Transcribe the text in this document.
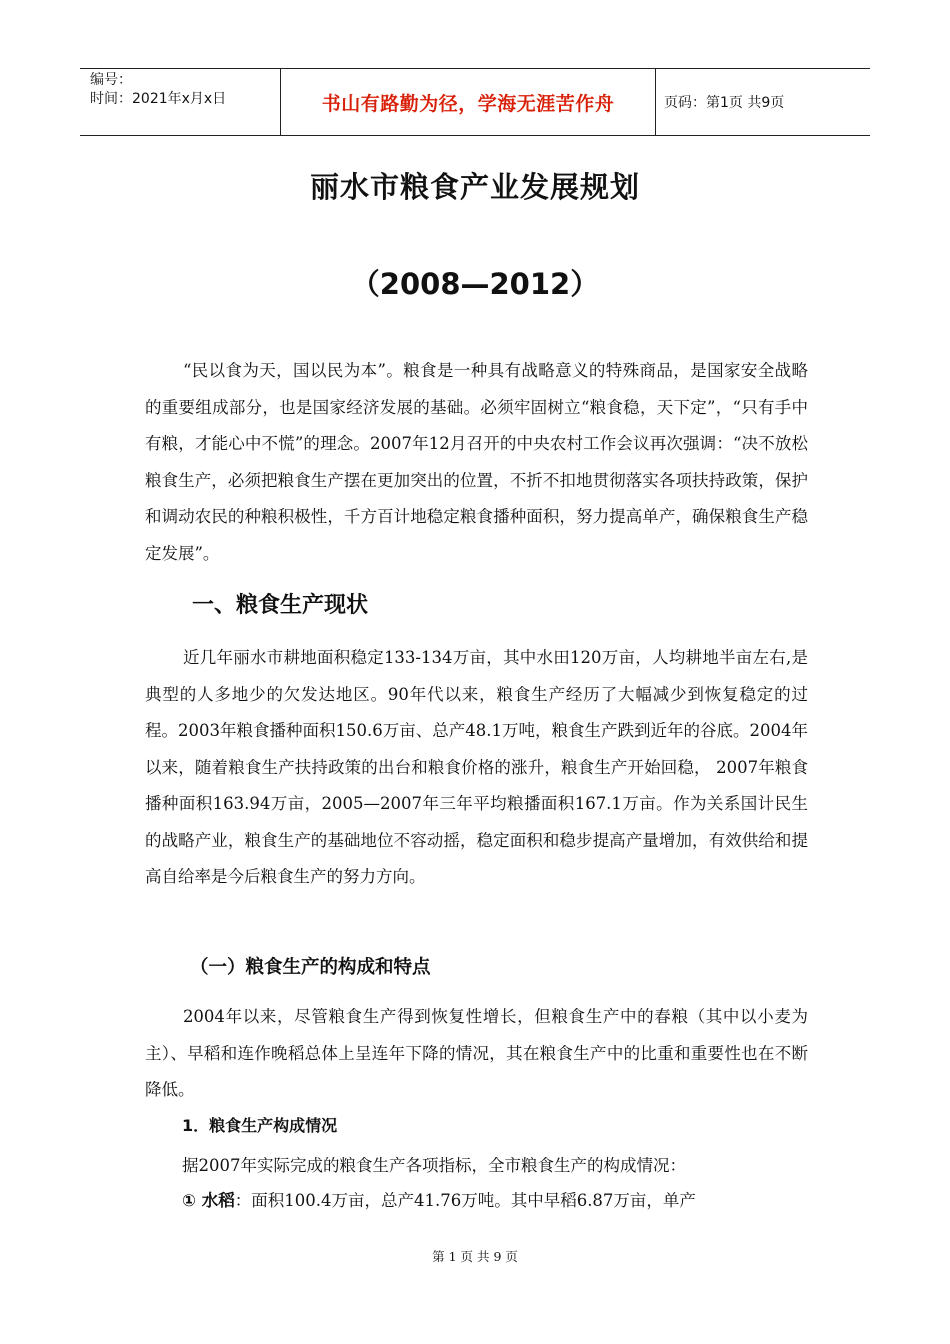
编号：
时间：2021年x月x日	书山有路勤为径，学海无涯苦作舟	页码：第1页 共9页
丽水市粮食产业发展规划
（2008—2012）

“民以食为天，国以民为本”。粮食是一种具有战略意义的特殊商品，是国家安全战略的重要组成部分，也是国家经济发展的基础。必须牢固树立“粮食稳，天下定”，“只有手中有粮，才能心中不慌”的理念。2007年12月召开的中央农村工作会议再次强调：“决不放松粮食生产，必须把粮食生产摆在更加突出的位置，不折不扣地贯彻落实各项扶持政策，保护和调动农民的种粮积极性，千方百计地稳定粮食播种面积，努力提高单产，确保粮食生产稳定发展”。

一、粮食生产现状

近几年丽水市耕地面积稳定133-134万亩，其中水田120万亩，人均耕地半亩左右,是典型的人多地少的欠发达地区。90年代以来，粮食生产经历了大幅减少到恢复稳定的过程。2003年粮食播种面积150.6万亩、总产48.1万吨，粮食生产跌到近年的谷底。2004年以来，随着粮食生产扶持政策的出台和粮食价格的涨升，粮食生产开始回稳， 2007年粮食播种面积163.94万亩，2005—2007年三年平均粮播面积167.1万亩。作为关系国计民生的战略产业，粮食生产的基础地位不容动摇，稳定面积和稳步提高产量增加，有效供给和提高自给率是今后粮食生产的努力方向。

（一）粮食生产的构成和特点

2004年以来，尽管粮食生产得到恢复性增长，但粮食生产中的春粮（其中以小麦为主）、早稻和连作晚稻总体上呈连年下降的情况，其在粮食生产中的比重和重要性也在不断降低。

1．粮食生产构成情况

据2007年实际完成的粮食生产各项指标，全市粮食生产的构成情况：

① 水稻：面积100.4万亩，总产41.76万吨。其中早稻6.87万亩，单产

第 1 页 共 9 页
